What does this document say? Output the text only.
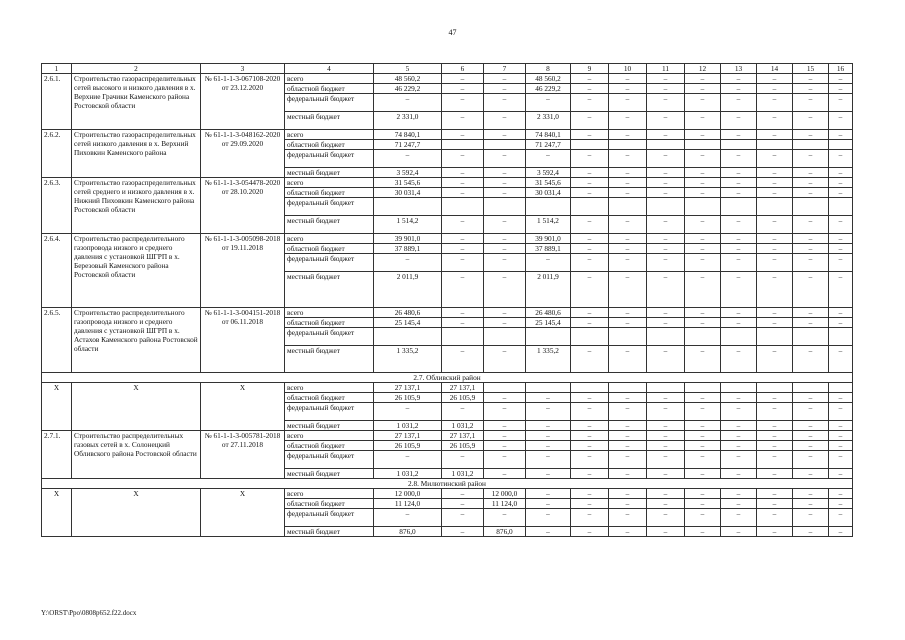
47
1	2	3	4	5	6	7	8	9	10	11	12	13	14	15	16
2.6.1.	Строительство газораспределительных сетей высокого и низкого давления в х. Верхние Грачики Каменского района Ростовской области	№ 61-1-1-3-067108-2020 от 23.12.2020	всего	48 560,2	–	–	48 560,2	–	–	–	–	–	–	–	–
			областной бюджет	46 229,2	–	–	46 229,2	–	–	–	–	–	–	–	–
			федеральный бюджет	–	–	–	–	–	–	–	–	–	–	–	–
			местный бюджет	2 331,0	–	–	2 331,0	–	–	–	–	–	–	–	–
2.6.2.	Строительство газораспределительных сетей низкого давления в х. Верхний Пиховкин Каменского района	№ 61-1-1-3-048162-2020 от 29.09.2020	всего	74 840,1	–	–	74 840,1	–	–	–	–	–	–	–	–
			областной бюджет	71 247,7			71 247,7								
			федеральный бюджет	–	–	–	–	–	–	–	–	–	–	–	–
			местный бюджет	3 592,4	–	–	3 592,4	–	–	–	–	–	–	–	–
2.6.3.	Строительство газораспределительных сетей среднего и низкого давления в х. Нижний Пиховкин Каменского района Ростовской области	№ 61-1-1-3-054478-2020 от 28.10.2020	всего	31 545,6	–	–	31 545,6	–	–	–	–	–	–	–	–
			областной бюджет	30 031,4	–	–	30 031,4	–	–	–	–	–	–	–	–
			федеральный бюджет												
			местный бюджет	1 514,2	–	–	1 514,2	–	–	–	–	–	–	–	–
2.6.4.	Строительство распределительного газопровода низкого и среднего давления с установкой ШГРП в х. Березовый Каменского района Ростовской области	№ 61-1-1-3-005098-2018 от 19.11.2018	всего	39 901,0	–	–	39 901,0	–	–	–	–	–	–	–	–
			областной бюджет	37 889,1	–	–	37 889,1	–	–	–	–	–	–	–	–
			федеральный бюджет	–	–	–	–	–	–	–	–	–	–	–	–
			местный бюджет	2 011,9	–	–	2 011,9	–	–	–	–	–	–	–	–
2.6.5.	Строительство распределительного газопровода низкого и среднего давления с установкой ШГРП в х. Астахов Каменского района Ростовской области	№ 61-1-1-3-004151-2018 от 06.11.2018	всего	26 480,6	–	–	26 480,6	–	–	–	–	–	–	–	–
			областной бюджет	25 145,4	–	–	25 145,4	–	–	–	–	–	–	–	–
			федеральный бюджет												
			местный бюджет	1 335,2	–	–	1 335,2	–	–	–	–	–	–	–	–
2.7. Обливский район															
Х	Х	Х	всего	27 137,1	27 137,1										
			областной бюджет	26 105,9	26 105,9	–	–	–	–	–	–	–	–	–	–
			федеральный бюджет	–	–	–	–	–	–	–	–	–	–	–	–
			местный бюджет	1 031,2	1 031,2	–	–	–	–	–	–	–	–	–	–
2.7.1.	Строительство распределительных газовых сетей в х. Солонецкий Обливского района Ростовской области	№ 61-1-1-3-005781-2018 от 27.11.2018	всего	27 137,1	27 137,1	–	–	–	–	–	–	–	–	–	–
			областной бюджет	26 105,9	26 105,9	–	–	–	–	–	–	–	–	–	–
			федеральный бюджет	–	–	–	–	–	–	–	–	–	–	–	–
			местный бюджет	1 031,2	1 031,2	–	–	–	–	–	–	–	–	–	–
2.8. Милютинский район															
Х	Х	Х	всего	12 000,0	–	12 000,0	–	–	–	–	–	–	–	–	–
			областной бюджет	11 124,0	–	11 124,0	–	–	–	–	–	–	–	–	–
			федеральный бюджет	–	–	–	–	–	–	–	–	–	–	–	–
			местный бюджет	876,0	–	876,0	–	–	–	–	–	–	–	–	–
Y:\ORST\Ppo\0808p652.f22.docx
